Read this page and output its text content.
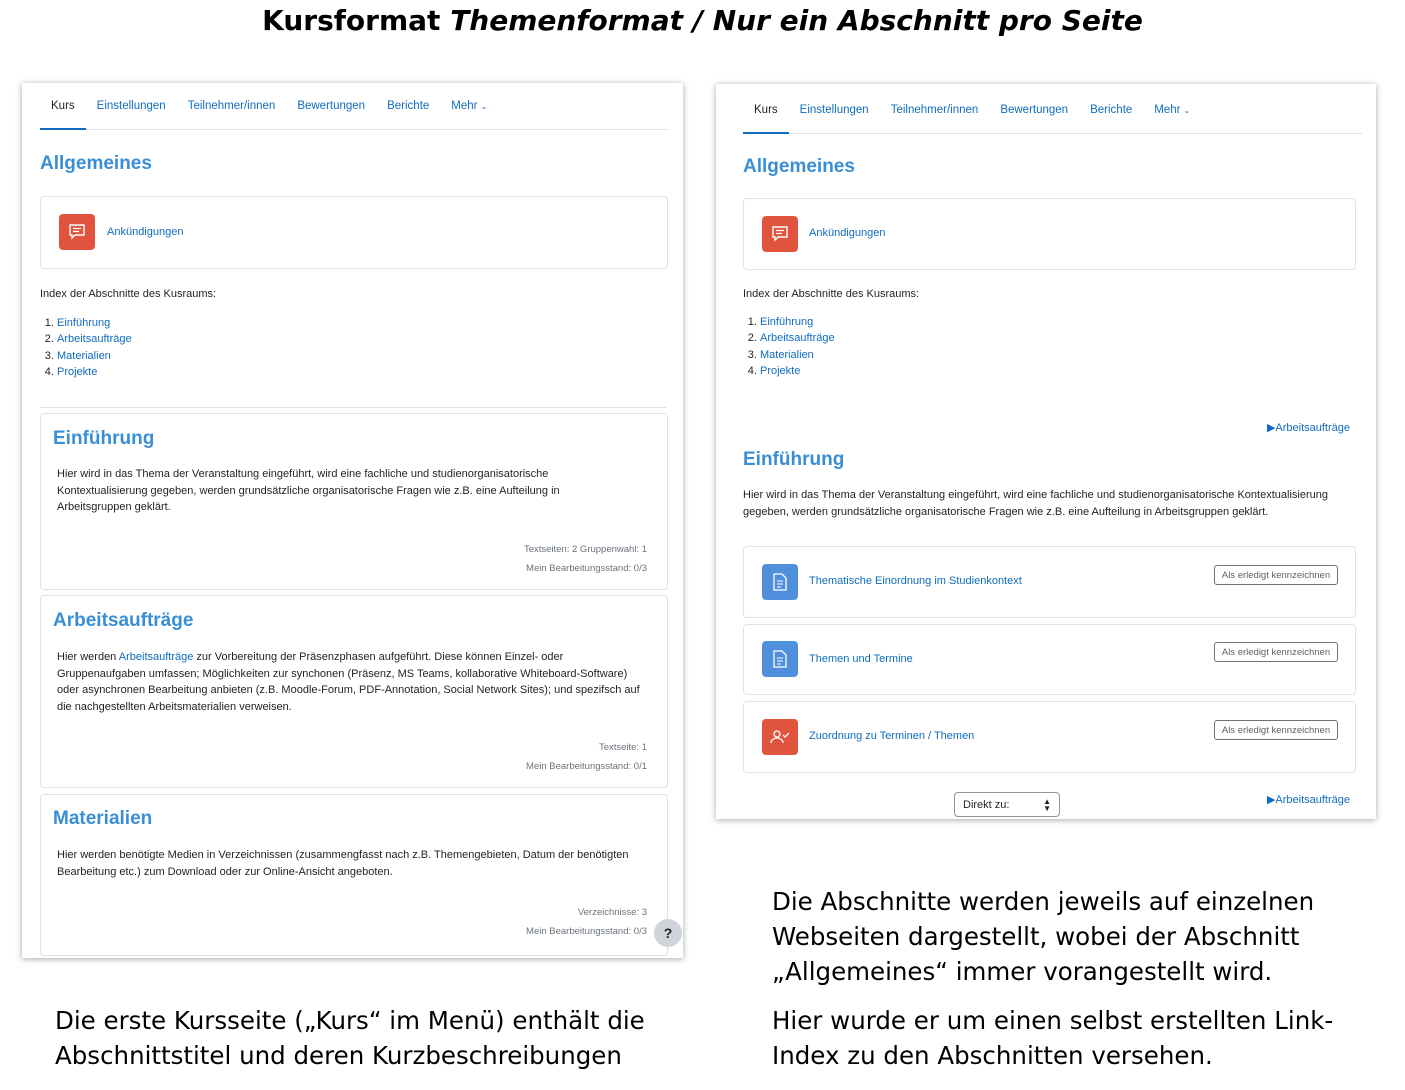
Kursformat Themenformat / Nur ein Abschnitt pro Seite
Kurs	Einstellungen	Teilnehmer/innen	Bewertungen	Berichte	Mehr ⌄
Allgemeines
Ankündigungen
Index der Abschnitte des Kusraums:
1. Einführung
2. Arbeitsaufträge
3. Materialien
4. Projekte
Einführung

Hier wird in das Thema der Veranstaltung eingeführt, wird eine fachliche und studienorganisatorische Kontextualisierung gegeben, werden grundsätzliche organisatorische Fragen wie z.B. eine Aufteilung in Arbeitsgruppen geklärt.

Textseiten: 2 Gruppenwahl: 1
Mein Bearbeitungsstand: 0/3
Arbeitsaufträge

Hier werden Arbeitsaufträge zur Vorbereitung der Präsenzphasen aufgeführt. Diese können Einzel- oder Gruppenaufgaben umfassen; Möglichkeiten zur synchonen (Präsenz, MS Teams, kollaborative Whiteboard-Software) oder asynchronen Bearbeitung anbieten (z.B. Moodle-Forum, PDF-Annotation, Social Network Sites); und spezifsch auf die nachgestellten Arbeitsmaterialien verweisen.

Textseite: 1
Mein Bearbeitungsstand: 0/1
Materialien

Hier werden benötigte Medien in Verzeichnissen (zusammengfasst nach z.B. Themengebieten, Datum der benötigten Bearbeitung etc.) zum Download oder zur Online-Ansicht angeboten.

Verzeichnisse: 3
Mein Bearbeitungsstand: 0/3	?
Kurs	Einstellungen	Teilnehmer/innen	Bewertungen	Berichte	Mehr ⌄
Allgemeines
Ankündigungen
Index der Abschnitte des Kusraums:
1. Einführung
2. Arbeitsaufträge
3. Materialien
4. Projekte
▶Arbeitsaufträge
Einführung

Hier wird in das Thema der Veranstaltung eingeführt, wird eine fachliche und studienorganisatorische Kontextualisierung gegeben, werden grundsätzliche organisatorische Fragen wie z.B. eine Aufteilung in Arbeitsgruppen geklärt.

Thematische Einordnung im Studienkontext	Als erledigt kennzeichnen
Themen und Termine
Als erledigt kennzeichnen
Zuordnung zu Terminen / Themen	Als erledigt kennzeichnen
Direkt zu:	▲
▼
▶Arbeitsaufträge
Die Abschnitte werden jeweils auf einzelnen Webseiten dargestellt, wobei der Abschnitt „Allgemeines“ immer vorangestellt wird.
Hier wurde er um einen selbst erstellten Link-Index zu den Abschnitten versehen.
Die erste Kursseite („Kurs“ im Menü) enthält die Abschnittstitel und deren Kurzbeschreibungen
